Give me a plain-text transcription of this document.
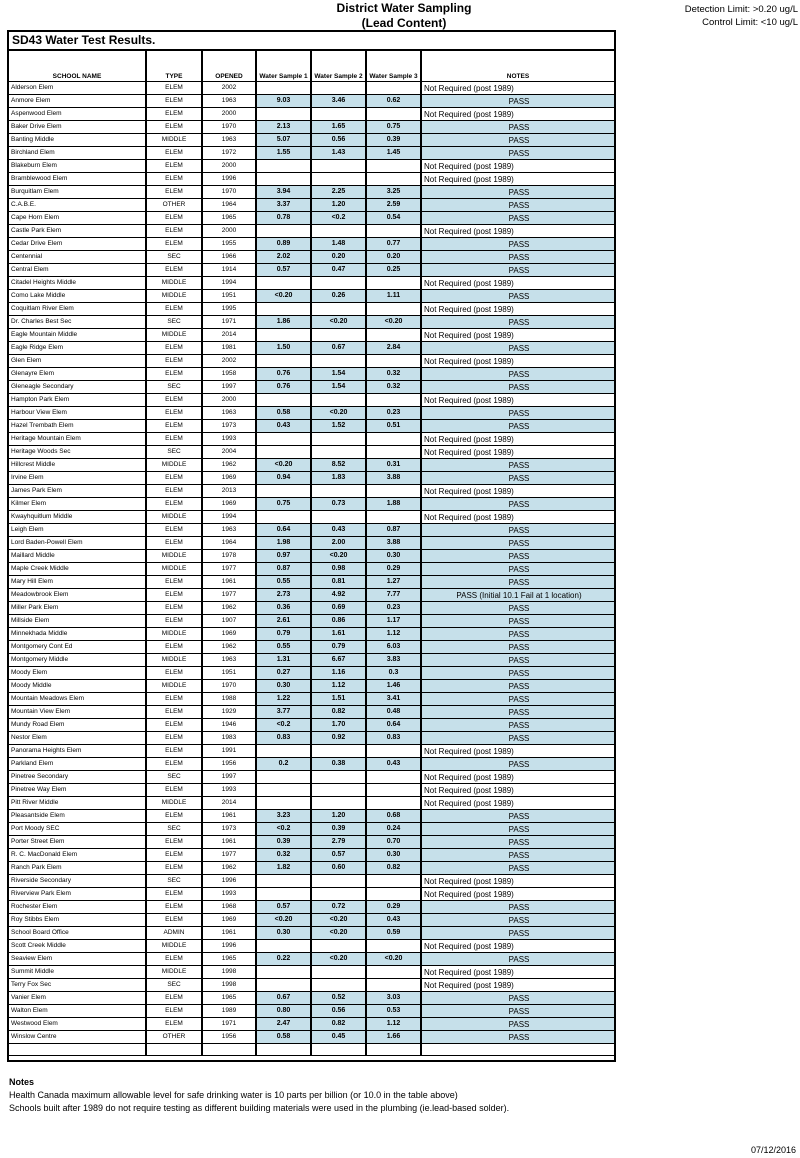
District Water Sampling
(Lead Content)
Detection Limit: >0.20 ug/L
Control Limit: <10 ug/L
SD43 Water Test Results.
SCHOOL NAME	TYPE	OPENED	Water Sample 1	Water Sample 2	Water Sample 3	NOTES
Alderson Elem	ELEM	2002				Not Required (post 1989)
Anmore Elem	ELEM	1963	9.03	3.46	0.62	PASS
Aspenwood Elem	ELEM	2000				Not Required (post 1989)
Baker Drive Elem	ELEM	1970	2.13	1.65	0.75	PASS
Banting Middle	MIDDLE	1963	5.07	0.56	0.39	PASS
Birchland Elem	ELEM	1972	1.55	1.43	1.45	PASS
Blakeburn Elem	ELEM	2000				Not Required (post 1989)
Bramblewood Elem	ELEM	1996				Not Required (post 1989)
Burquitlam Elem	ELEM	1970	3.94	2.25	3.25	PASS
C.A.B.E.	OTHER	1964	3.37	1.20	2.59	PASS
Cape Horn Elem	ELEM	1965	0.78	<0.2	0.54	PASS
Castle Park Elem	ELEM	2000				Not Required (post 1989)
Cedar Drive Elem	ELEM	1955	0.89	1.48	0.77	PASS
Centennial	SEC	1966	2.02	0.20	0.20	PASS
Central Elem	ELEM	1914	0.57	0.47	0.25	PASS
Citadel Heights Middle	MIDDLE	1994				Not Required (post 1989)
Como Lake Middle	MIDDLE	1951	<0.20	0.26	1.11	PASS
Coquitlam River Elem	ELEM	1995				Not Required (post 1989)
Dr. Charles Best Sec	SEC	1971	1.86	<0.20	<0.20	PASS
Eagle Mountain Middle	MIDDLE	2014				Not Required (post 1989)
Eagle Ridge Elem	ELEM	1981	1.50	0.67	2.84	PASS
Glen Elem	ELEM	2002				Not Required (post 1989)
Glenayre Elem	ELEM	1958	0.76	1.54	0.32	PASS
Gleneagle Secondary	SEC	1997	0.76	1.54	0.32	PASS
Hampton Park Elem	ELEM	2000				Not Required (post 1989)
Harbour View Elem	ELEM	1963	0.58	<0.20	0.23	PASS
Hazel Trembath Elem	ELEM	1973	0.43	1.52	0.51	PASS
Heritage Mountain Elem	ELEM	1993				Not Required (post 1989)
Heritage Woods Sec	SEC	2004				Not Required (post 1989)
Hillcrest Middle	MIDDLE	1962	<0.20	8.52	0.31	PASS
Irvine Elem	ELEM	1969	0.94	1.83	3.88	PASS
James Park Elem	ELEM	2013				Not Required (post 1989)
Kilmer Elem	ELEM	1969	0.75	0.73	1.88	PASS
Kwayhquitlum Middle	MIDDLE	1994				Not Required (post 1989)
Leigh Elem	ELEM	1963	0.64	0.43	0.87	PASS
Lord Baden-Powell Elem	ELEM	1964	1.98	2.00	3.88	PASS
Maillard Middle	MIDDLE	1978	0.97	<0.20	0.30	PASS
Maple Creek Middle	MIDDLE	1977	0.87	0.98	0.29	PASS
Mary Hill Elem	ELEM	1961	0.55	0.81	1.27	PASS
Meadowbrook Elem	ELEM	1977	2.73	4.92	7.77	PASS (Initial 10.1 Fail at 1 location)
Miller Park Elem	ELEM	1962	0.36	0.69	0.23	PASS
Millside Elem	ELEM	1907	2.61	0.86	1.17	PASS
Minnekhada Middle	MIDDLE	1969	0.79	1.61	1.12	PASS
Montgomery Cont Ed	ELEM	1962	0.55	0.79	6.03	PASS
Montgomery Middle	MIDDLE	1963	1.31	6.67	3.83	PASS
Moody Elem	ELEM	1951	0.27	1.16	0.3	PASS
Moody Middle	MIDDLE	1970	0.30	1.12	1.46	PASS
Mountain Meadows Elem	ELEM	1988	1.22	1.51	3.41	PASS
Mountain View Elem	ELEM	1929	3.77	0.82	0.48	PASS
Mundy Road Elem	ELEM	1946	<0.2	1.70	0.64	PASS
Nestor Elem	ELEM	1983	0.83	0.92	0.83	PASS
Panorama Heights Elem	ELEM	1991				Not Required (post 1989)
Parkland Elem	ELEM	1956	0.2	0.38	0.43	PASS
Pinetree Secondary	SEC	1997				Not Required (post 1989)
Pinetree Way Elem	ELEM	1993				Not Required (post 1989)
Pitt River Middle	MIDDLE	2014				Not Required (post 1989)
Pleasantside Elem	ELEM	1961	3.23	1.20	0.68	PASS
Port Moody SEC	SEC	1973	<0.2	0.39	0.24	PASS
Porter Street Elem	ELEM	1961	0.39	2.79	0.70	PASS
R. C. MacDonald Elem	ELEM	1977	0.32	0.57	0.30	PASS
Ranch Park Elem	ELEM	1962	1.82	0.60	0.82	PASS
Riverside Secondary	SEC	1996				Not Required (post 1989)
Riverview Park Elem	ELEM	1993				Not Required (post 1989)
Rochester Elem	ELEM	1968	0.57	0.72	0.29	PASS
Roy Stibbs Elem	ELEM	1969	<0.20	<0.20	0.43	PASS
School Board Office	ADMIN	1961	0.30	<0.20	0.59	PASS
Scott Creek Middle	MIDDLE	1996				Not Required (post 1989)
Seaview Elem	ELEM	1965	0.22	<0.20	<0.20	PASS
Summit Middle	MIDDLE	1998				Not Required (post 1989)
Terry Fox Sec	SEC	1998				Not Required (post 1989)
Vanier Elem	ELEM	1965	0.67	0.52	3.03	PASS
Walton Elem	ELEM	1989	0.80	0.56	0.53	PASS
Westwood Elem	ELEM	1971	2.47	0.82	1.12	PASS
Winslow Centre	OTHER	1956	0.58	0.45	1.66	PASS

Notes
Health Canada maximum allowable level for safe drinking water is 10 parts per billion (or 10.0 in the table above)
Schools built after 1989 do not require testing as different building materials were used in the plumbing (ie.lead-based solder).
07/12/2016
